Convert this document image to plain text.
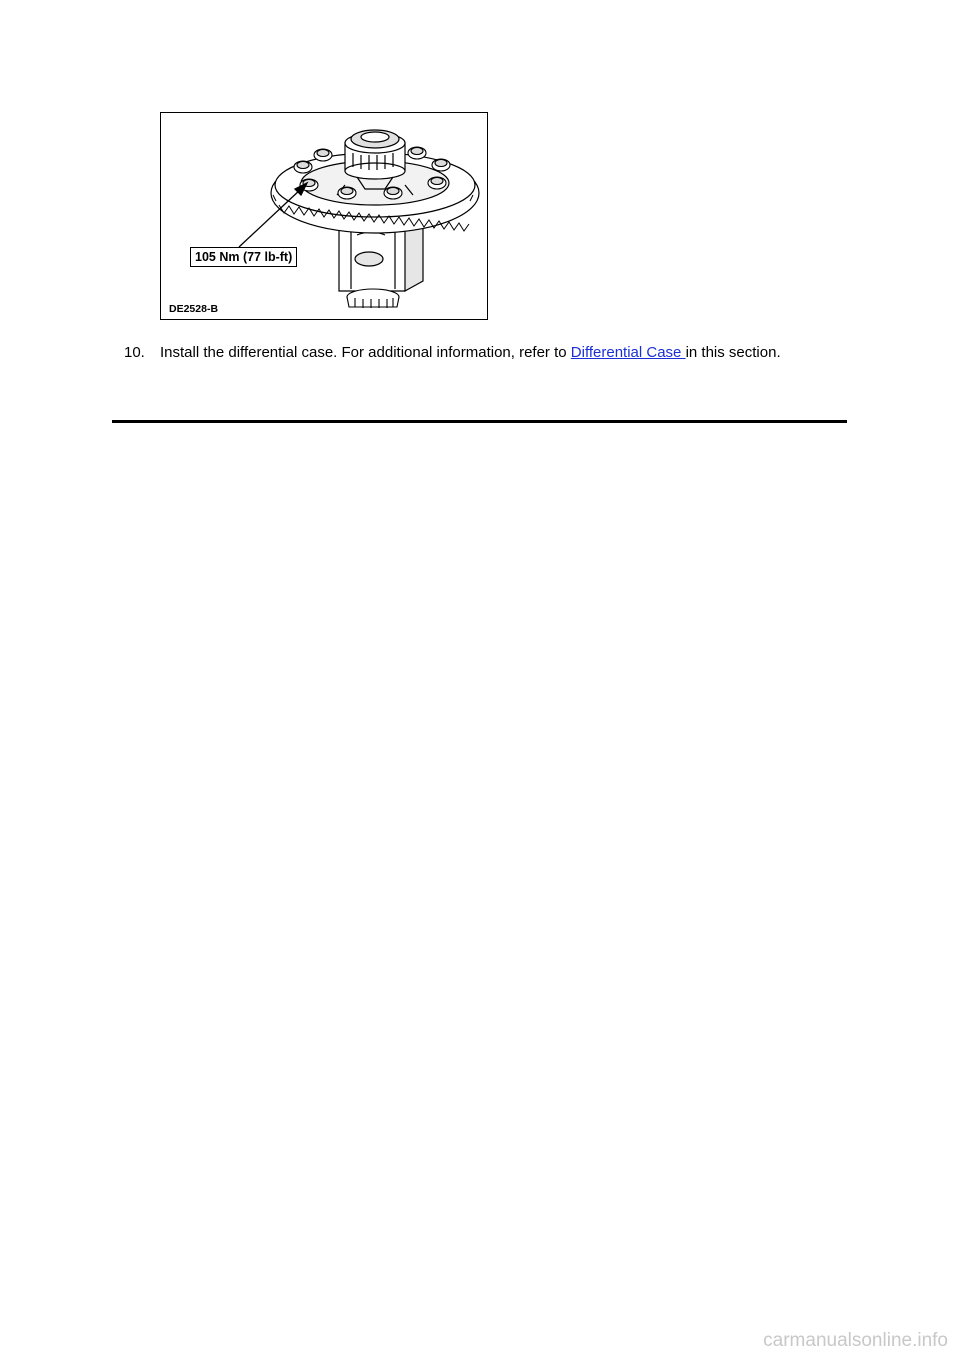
105 Nm (77 lb-ft)
DE2528-B
10. Install the differential case. For additional information, refer to Differential Case in this section.
carmanualsonline.info
